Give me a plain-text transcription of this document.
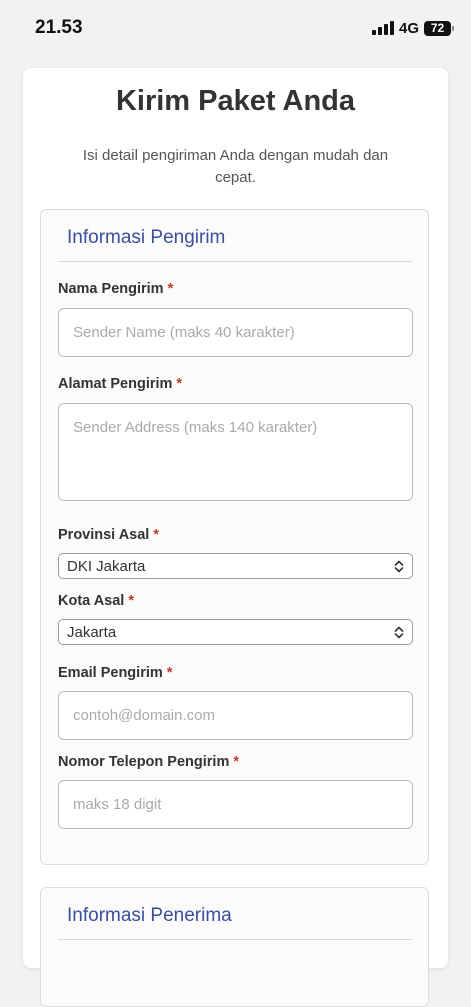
21.53	4G 72
Kirim Paket Anda

Isi detail pengiriman Anda dengan mudah dan cepat.

Informasi Pengirim
Nama Pengirim *
Sender Name (maks 40 karakter)
Alamat Pengirim *
Sender Address (maks 140 karakter)
Provinsi Asal *
DKI Jakarta
Kota Asal *
Jakarta
Email Pengirim *
contoh@domain.com
Nomor Telepon Pengirim *
maks 18 digit
Informasi Penerima
